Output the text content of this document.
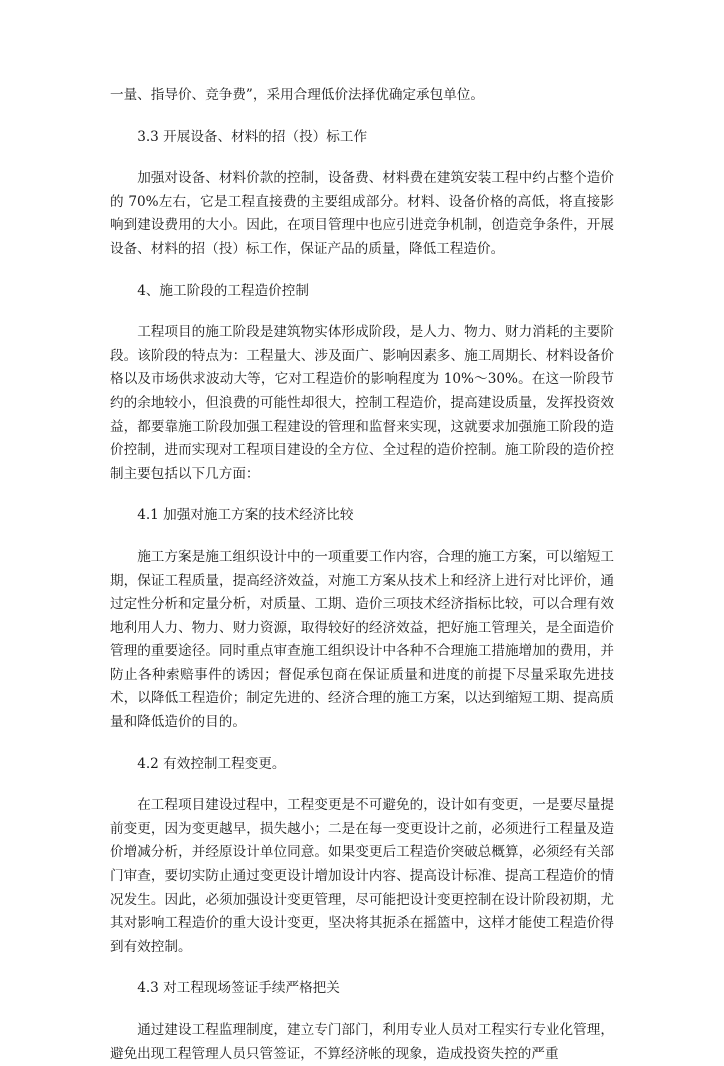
一量、指导价、竞争费”，采用合理低价法择优确定承包单位。

3.3 开展设备、材料的招（投）标工作

加强对设备、材料价款的控制，设备费、材料费在建筑安装工程中约占整个造价的 70%左右，它是工程直接费的主要组成部分。材料、设备价格的高低，将直接影响到建设费用的大小。因此，在项目管理中也应引进竞争机制，创造竞争条件，开展设备、材料的招（投）标工作，保证产品的质量，降低工程造价。

4、施工阶段的工程造价控制

工程项目的施工阶段是建筑物实体形成阶段，是人力、物力、财力消耗的主要阶段。该阶段的特点为：工程量大、涉及面广、影响因素多、施工周期长、材料设备价格以及市场供求波动大等，它对工程造价的影响程度为 10%～30%。在这一阶段节约的余地较小，但浪费的可能性却很大，控制工程造价，提高建设质量，发挥投资效益，都要靠施工阶段加强工程建设的管理和监督来实现，这就要求加强施工阶段的造价控制，进而实现对工程项目建设的全方位、全过程的造价控制。施工阶段的造价控制主要包括以下几方面：

4.1 加强对施工方案的技术经济比较

施工方案是施工组织设计中的一项重要工作内容，合理的施工方案，可以缩短工期，保证工程质量，提高经济效益，对施工方案从技术上和经济上进行对比评价，通过定性分析和定量分析，对质量、工期、造价三项技术经济指标比较，可以合理有效地利用人力、物力、财力资源，取得较好的经济效益，把好施工管理关，是全面造价管理的重要途径。同时重点审查施工组织设计中各种不合理施工措施增加的费用，并防止各种索赔事件的诱因；督促承包商在保证质量和进度的前提下尽量采取先进技术，以降低工程造价；制定先进的、经济合理的施工方案，以达到缩短工期、提高质量和降低造价的目的。

4.2 有效控制工程变更。

在工程项目建设过程中，工程变更是不可避免的，设计如有变更，一是要尽量提前变更，因为变更越早，损失越小；二是在每一变更设计之前，必须进行工程量及造价增减分析，并经原设计单位同意。如果变更后工程造价突破总概算，必须经有关部门审查，要切实防止通过变更设计增加设计内容、提高设计标准、提高工程造价的情况发生。因此，必须加强设计变更管理，尽可能把设计变更控制在设计阶段初期，尤其对影响工程造价的重大设计变更，坚决将其扼杀在摇篮中，这样才能使工程造价得到有效控制。

4.3 对工程现场签证手续严格把关

通过建设工程监理制度，建立专门部门，利用专业人员对工程实行专业化管理，避免出现工程管理人员只管签证，不算经济帐的现象，造成投资失控的严重
